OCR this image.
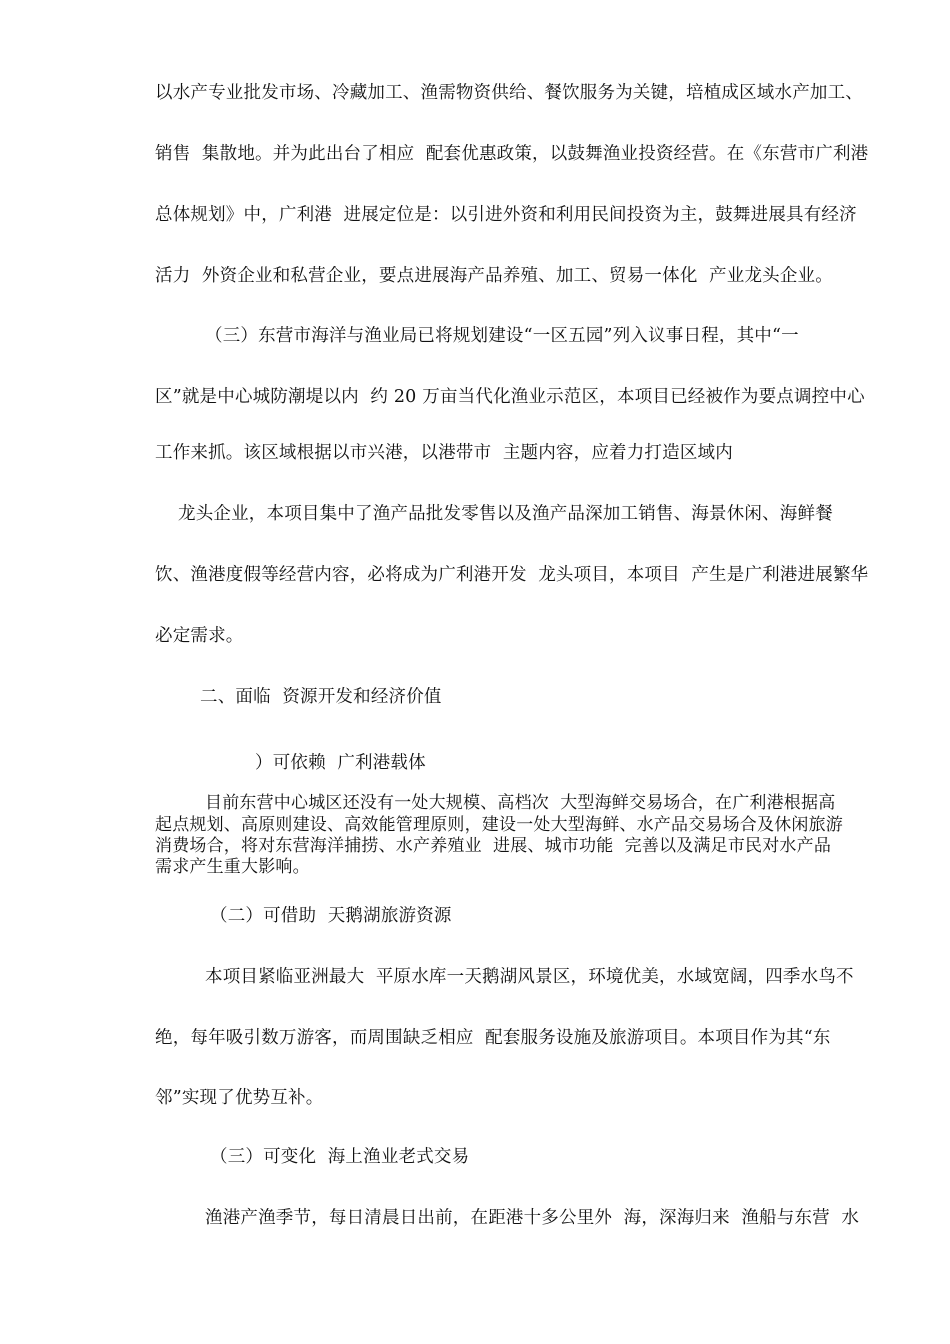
以水产专业批发市场、冷藏加工、渔需物资供给、餐饮服务为关键，培植成区域水产加工、
销售  集散地。并为此出台了相应  配套优惠政策，以鼓舞渔业投资经营。在《东营市广利港
总体规划》中，广利港  进展定位是：以引进外资和利用民间投资为主，鼓舞进展具有经济
活力  外资企业和私营企业，要点进展海产品养殖、加工、贸易一体化  产业龙头企业。
（三）东营市海洋与渔业局已将规划建设“一区五园”列入议事日程，其中“一
区”就是中心城防潮堤以内  约 20 万亩当代化渔业示范区，本项目已经被作为要点调控中心
工作来抓。该区域根据以市兴港，以港带市  主题内容，应着力打造区域内
龙头企业，本项目集中了渔产品批发零售以及渔产品深加工销售、海景休闲、海鲜餐
饮、渔港度假等经营内容，必将成为广利港开发  龙头项目，本项目  产生是广利港进展繁华
必定需求。
二、面临  资源开发和经济价值
）可依赖  广利港载体
目前东营中心城区还没有一处大规模、高档次  大型海鲜交易场合，在广利港根据高
起点规划、高原则建设、高效能管理原则，建设一处大型海鲜、水产品交易场合及休闲旅游
消费场合，将对东营海洋捕捞、水产养殖业  进展、城市功能  完善以及满足市民对水产品
需求产生重大影响。
（二）可借助  天鹅湖旅游资源
本项目紧临亚洲最大  平原水库一天鹅湖风景区，环境优美，水域宽阔，四季水鸟不
绝，每年吸引数万游客，而周围缺乏相应  配套服务设施及旅游项目。本项目作为其“东
邻”实现了优势互补。
（三）可变化  海上渔业老式交易
渔港产渔季节，每日清晨日出前，在距港十多公里外  海，深海归来  渔船与东营  水
